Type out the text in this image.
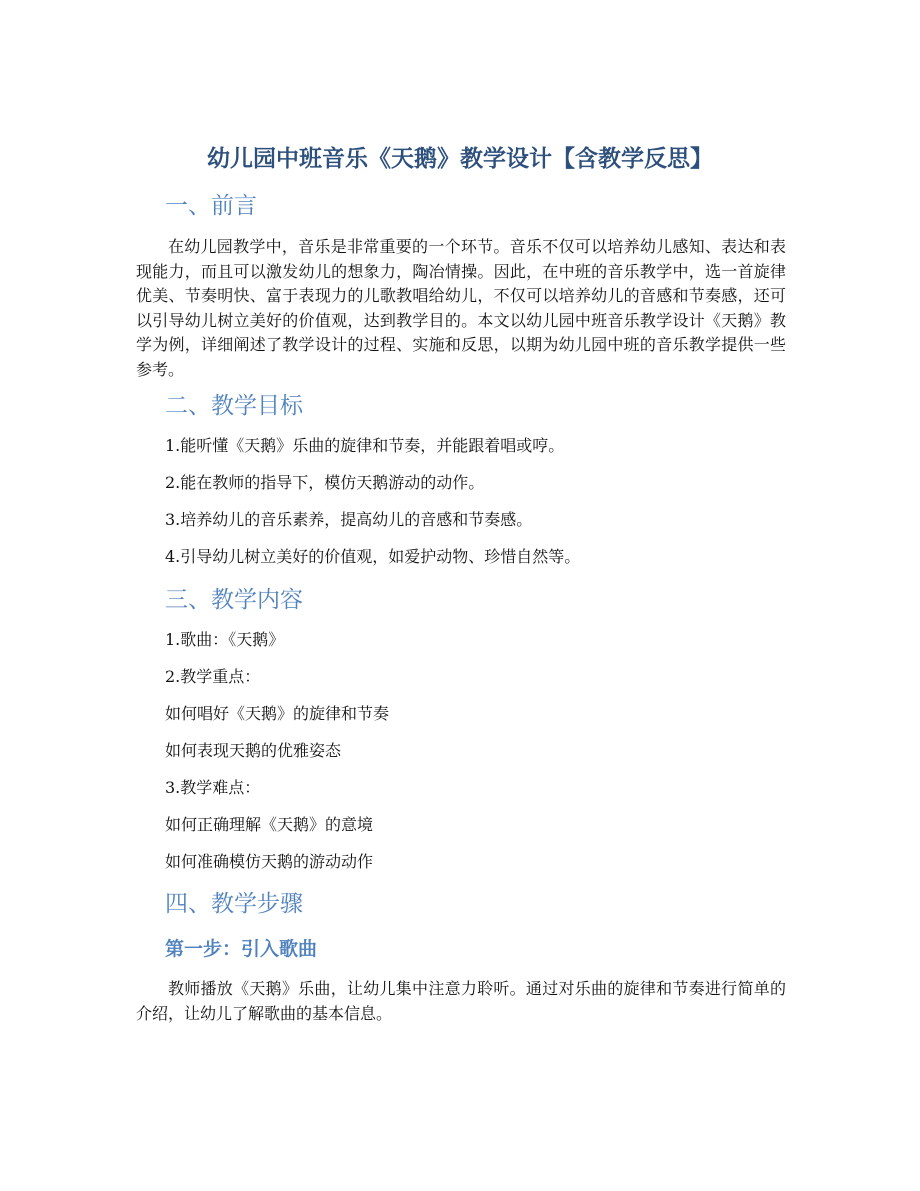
幼儿园中班音乐《天鹅》教学设计【含教学反思】
一、前言

在幼儿园教学中，音乐是非常重要的一个环节。音乐不仅可以培养幼儿感知、表达和表现能力，而且可以激发幼儿的想象力，陶冶情操。因此，在中班的音乐教学中，选一首旋律优美、节奏明快、富于表现力的儿歌教唱给幼儿，不仅可以培养幼儿的音感和节奏感，还可以引导幼儿树立美好的价值观，达到教学目的。本文以幼儿园中班音乐教学设计《天鹅》教学为例，详细阐述了教学设计的过程、实施和反思，以期为幼儿园中班的音乐教学提供一些参考。

二、教学目标

1.能听懂《天鹅》乐曲的旋律和节奏，并能跟着唱或哼。

2.能在教师的指导下，模仿天鹅游动的动作。

3.培养幼儿的音乐素养，提高幼儿的音感和节奏感。

4.引导幼儿树立美好的价值观，如爱护动物、珍惜自然等。

三、教学内容

1.歌曲：《天鹅》

2.教学重点：

如何唱好《天鹅》的旋律和节奏

如何表现天鹅的优雅姿态

3.教学难点：

如何正确理解《天鹅》的意境

如何准确模仿天鹅的游动动作

四、教学步骤
第一步：引入歌曲

教师播放《天鹅》乐曲，让幼儿集中注意力聆听。通过对乐曲的旋律和节奏进行简单的介绍，让幼儿了解歌曲的基本信息。
